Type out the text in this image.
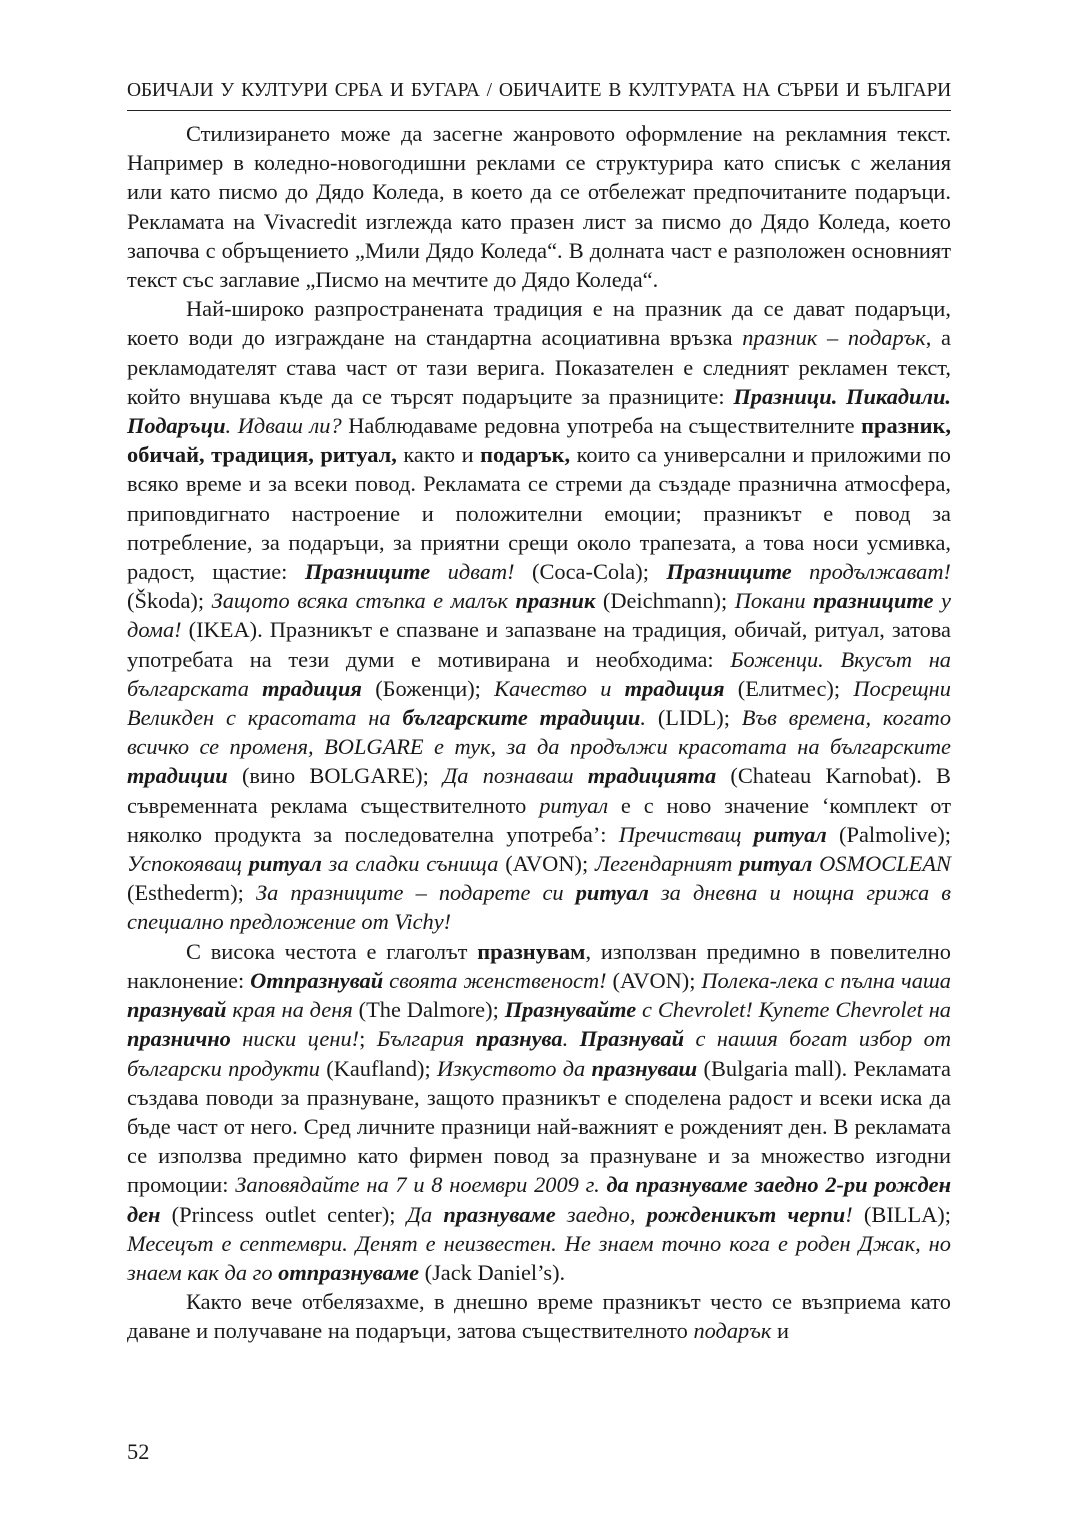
ОБИЧАЈИ У КУЛТУРИ СРБА И БУГАРА / ОБИЧАИТЕ В КУЛТУРАТА НА СЪРБИ И БЪЛГАРИ

Стилизирането може да засегне жанровото оформление на рекламния текст. Например в коледно-новогодишни реклами се структурира като списък с желания или като писмо до Дядо Коледа, в което да се отбележат предпочитаните подаръци. Рекламата на Vivacredit изглежда като празен лист за писмо до Дядо Коледа, което започва с обръщението „Мили Дядо Коледа“. В долната част е разположен основният текст със заглавие „Писмо на мечтите до Дядо Коледа“.

Най-широко разпространената традиция е на празник да се дават подаръци, което води до изграждане на стандартна асоциативна връзка празник – подарък, а рекламодателят става част от тази верига. Показателен е следният рекламен текст, който внушава къде да се търсят подаръците за празниците: Празници. Пикадили. Подаръци. Идваш ли? Наблюдаваме редовна употреба на съществителните празник, обичай, традиция, ритуал, както и подарък, които са универсални и приложими по всяко време и за всеки повод. Рекламата се стреми да създаде празнична атмосфера, приповдигнато настроение и положителни емоции; празникът е повод за потребление, за подаръци, за приятни срещи около трапезата, а това носи усмивка, радост, щастие: Празниците идват! (Coca-Cola); Празниците продължават! (Škoda); Защото всяка стъпка е малък празник (Deichmann); Покани празниците у дома! (IKEA). Празникът е спазване и запазване на традиция, обичай, ритуал, затова употребата на тези думи е мотивирана и необходима: Боженци. Вкусът на българската традиция (Боженци); Качество и традиция (Елитмес); Посрещни Великден с красотата на българските традиции. (LIDL); Във времена, когато всичко се променя, BOLGARE е тук, за да продължи красотата на българските традиции (вино BOLGARE); Да познаваш традицията (Chateau Karnobat). В съвременната реклама съществителното ритуал е с ново значение ‘комплект от няколко продукта за последователна употреба’: Пречистващ ритуал (Palmolive); Успокояващ ритуал за сладки сънища (AVON); Легендарният ритуал OSMOCLEAN (Esthederm); За празниците – подарете си ритуал за дневна и нощна грижа в специално предложение от Vichy!

С висока честота е глаголът празнувам, използван предимно в повелително наклонение: Отпразнувай своята женственост! (AVON); Полека-лека с пълна чаша празнувай края на деня (The Dalmore); Празнувайте с Chevrolet! Купете Chevrolet на празнично ниски цени!; България празнува. Празнувай с нашия богат избор от български продукти (Kaufland); Изкуството да празнуваш (Bulgaria mall). Рекламата създава поводи за празнуване, защото празникът е споделена радост и всеки иска да бъде част от него. Сред личните празници най-важният е рожденият ден. В рекламата се използва предимно като фирмен повод за празнуване и за множество изгодни промоции: Заповядайте на 7 и 8 ноември 2009 г. да празнуваме заедно 2-ри рожден ден (Princess outlet center); Да празнуваме заедно, рожденикът черпи! (BILLA); Месецът е септември. Денят е неизвестен. Не знаем точно кога е роден Джак, но знаем как да го отпразнуваме (Jack Daniel’s).

Както вече отбелязахме, в днешно време празникът често се възприема като даване и получаване на подаръци, затова съществителното подарък и

52
